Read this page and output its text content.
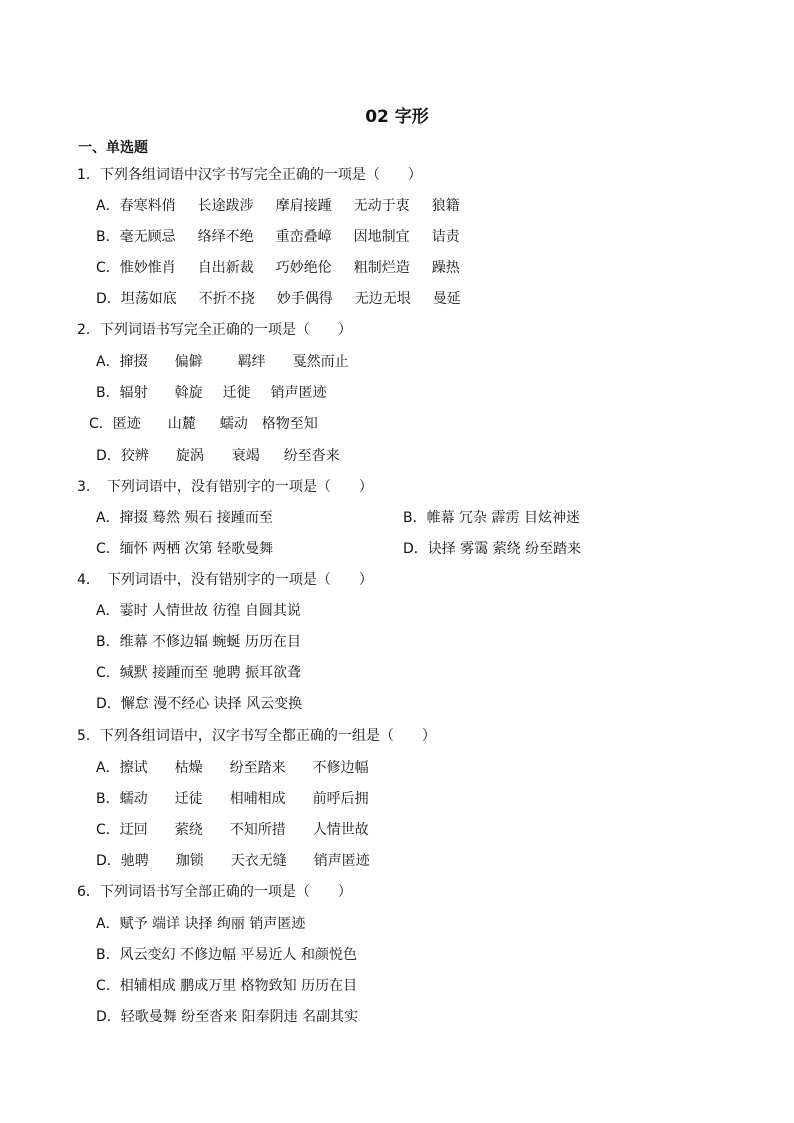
02 字形
一、单选题
1．下列各组词语中汉字书写完全正确的一项是（　　）
A．春寒料俏 长途跋涉 摩肩接踵 无动于衷 狼籍
B．毫无顾忌 络绎不绝 重峦叠嶂 因地制宜 诘责
C．惟妙惟肖 自出新裁 巧妙绝伦 粗制烂造 躁热
D．坦荡如底 不折不挠 妙手偶得 无边无垠 曼延
2．下列词语书写完全正确的一项是（　　）
A．撺掇 偏僻	羁绊 戛然而止
B．辐射 斡旋 迁徙 销声匿迹
C．匿迹 山麓 蠕动 格物至知
D．狡辨 旋涡 衰竭 纷至沓来
3．　下列词语中，没有错别字的一项是（　　）
A．撺掇 蓦然 殒石 接踵而至	B．帷幕 冗杂 霹雳 目炫神迷
C．缅怀 两栖 次第 轻歌曼舞	D．诀择 雾霭 萦绕 纷至踏来
4．　下列词语中，没有错别字的一项是（　　）
A．霎时 人情世故 彷徨 自圆其说
B．维幕 不修边辐 蜿蜒 历历在目
C．缄默 接踵而至 驰聘 振耳欲聋
D．懈怠 漫不经心 诀择 风云变换
5．下列各组词语中，汉字书写全都正确的一组是（　　）
A．擦试 枯燥 纷至踏来 不修边幅
B．蠕动 迁徒 相哺相成 前呼后拥
C．迂回 萦绕 不知所措 人情世故
D．驰聘 珈锁 天衣无缝 销声匿迹
6．下列词语书写全部正确的一项是（　　）
A．赋予 端详 诀择 绚丽 销声匿迹
B．风云变幻 不修边幅 平易近人 和颜悦色
C．相辅相成 鹏成万里 格物致知 历历在目
D．轻歌曼舞 纷至沓来 阳奉阴违 名副其实
